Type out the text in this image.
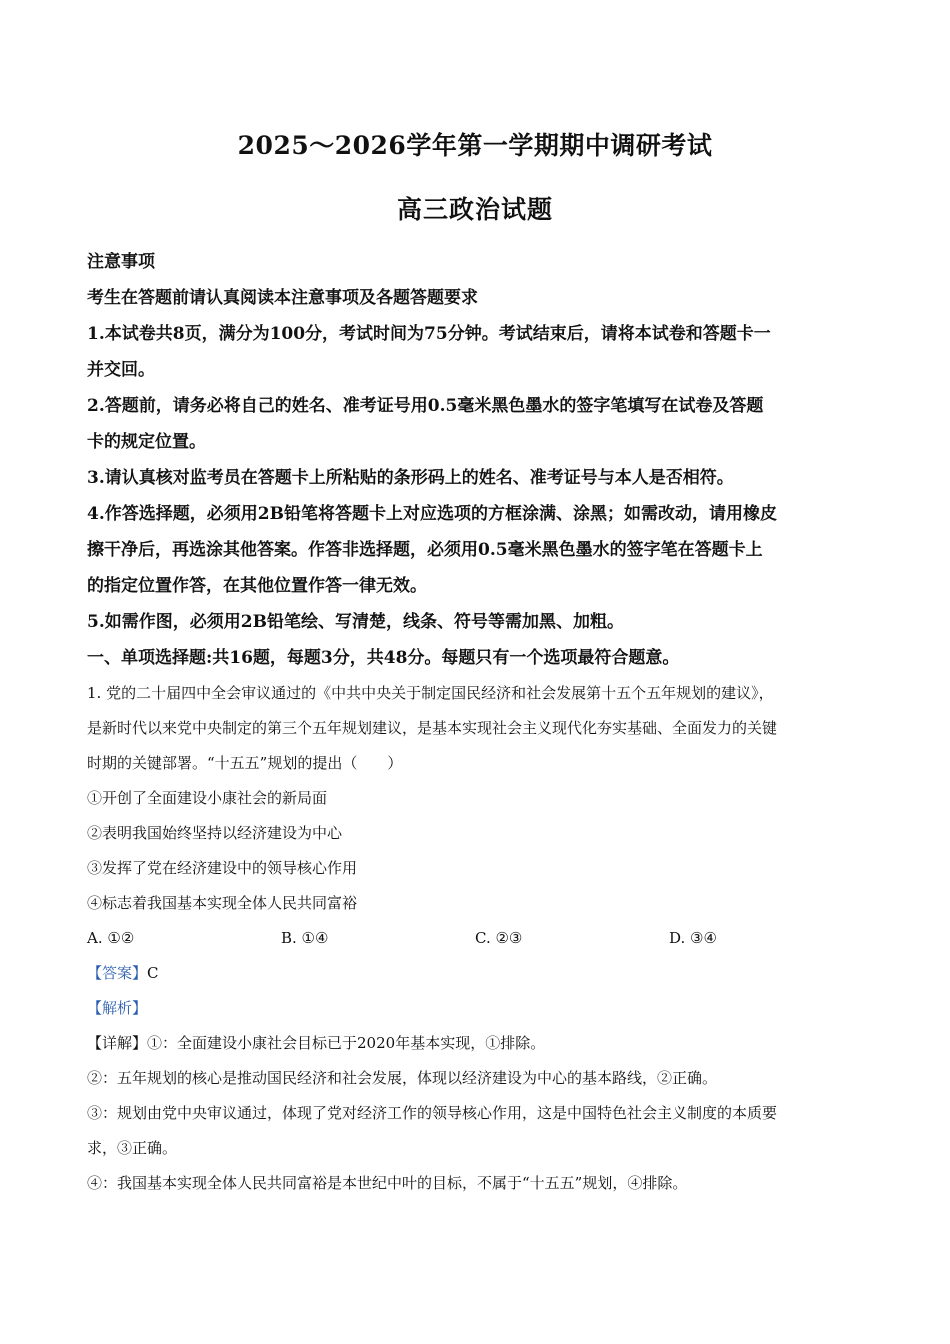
2025～2026学年第一学期期中调研考试
高三政治试题
注意事项
考生在答题前请认真阅读本注意事项及各题答题要求
1.本试卷共8页，满分为100分，考试时间为75分钟。考试结束后，请将本试卷和答题卡一
并交回。
2.答题前，请务必将自己的姓名、准考证号用0.5毫米黑色墨水的签字笔填写在试卷及答题
卡的规定位置。
3.请认真核对监考员在答题卡上所粘贴的条形码上的姓名、准考证号与本人是否相符。
4.作答选择题，必须用2B铅笔将答题卡上对应选项的方框涂满、涂黑；如需改动，请用橡皮
擦干净后，再选涂其他答案。作答非选择题，必须用0.5毫米黑色墨水的签字笔在答题卡上
的指定位置作答，在其他位置作答一律无效。
5.如需作图，必须用2B铅笔绘、写清楚，线条、符号等需加黑、加粗。
一、单项选择题:共16题，每题3分，共48分。每题只有一个选项最符合题意。
1. 党的二十届四中全会审议通过的《中共中央关于制定国民经济和社会发展第十五个五年规划的建议》，
是新时代以来党中央制定的第三个五年规划建议，是基本实现社会主义现代化夯实基础、全面发力的关键
时期的关键部署。“十五五”规划的提出（　　）
①开创了全面建设小康社会的新局面
②表明我国始终坚持以经济建设为中心
③发挥了党在经济建设中的领导核心作用
④标志着我国基本实现全体人民共同富裕
A. ①②	B. ①④	C. ②③	D. ③④
【答案】C
【解析】
【详解】①：全面建设小康社会目标已于2020年基本实现，①排除。
②：五年规划的核心是推动国民经济和社会发展，体现以经济建设为中心的基本路线，②正确。
③：规划由党中央审议通过，体现了党对经济工作的领导核心作用，这是中国特色社会主义制度的本质要
求，③正确。
④：我国基本实现全体人民共同富裕是本世纪中叶的目标，不属于“十五五”规划，④排除。
